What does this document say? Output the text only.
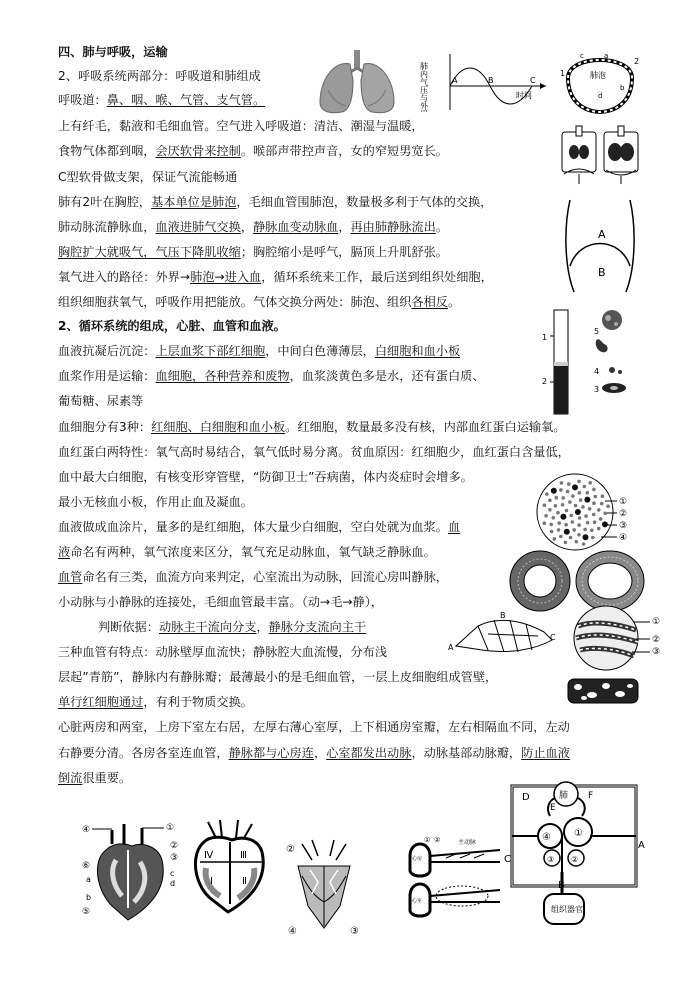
四、肺与呼吸，运输
2、呼吸系统两部分：呼吸道和肺组成
呼吸道：鼻、咽、喉、气管、支气管。
上有纤毛，黏液和毛细血管。空气进入呼吸道：清洁、潮湿与温暖，
食物气体都到咽，会厌软骨来控制。喉部声带控声音，女的窄短男宽长。
C型软骨做支架，保证气流能畅通
肺有2叶在胸腔，基本单位是肺泡，毛细血管围肺泡，数量极多利于气体的交换，
肺动脉流静脉血，血液进肺气交换，静脉血变动脉血，再由肺静脉流出。
胸腔扩大就吸气，气压下降肌收缩；胸腔缩小是呼气，膈顶上升肌舒张。
氧气进入的路径：外界→肺泡→进入血，循环系统来工作，最后送到组织处细胞，
组织细胞获氧气，呼吸作用把能放。气体交换分两处：肺泡、组织各相反。
2、循环系统的组成，心脏、血管和血液。
血液抗凝后沉淀：上层血浆下部红细胞，中间白色薄薄层，白细胞和血小板
血浆作用是运输：血细胞，各种营养和废物，血浆淡黄色多是水，还有蛋白质、
葡萄糖、尿素等
血细胞分有3种：红细胞、白细胞和血小板。红细胞，数量最多没有核，内部血红蛋白运输氧。
血红蛋白两特性：氧气高时易结合，氧气低时易分离。贫血原因：红细胞少，血红蛋白含量低，
血中最大白细胞，有核变形穿管壁，“防御卫士”吞病菌，体内炎症时会增多。
最小无核血小板，作用止血及凝血。
血液做成血涂片，量多的是红细胞，体大量少白细胞，空白处就为血浆。血
液命名有两种，氧气浓度来区分，氧气充足动脉血，氧气缺乏静脉血。
血管命名有三类，血流方向来判定，心室流出为动脉，回流心房叫静脉，
小动脉与小静脉的连接处，毛细血管最丰富。（动→毛→静），
判断依据：动脉主干流向分支，静脉分支流向主干
三种血管有特点：动脉壁厚血流快；静脉腔大血流慢，分布浅
层起”青筋”，静脉内有静脉瓣；最薄最小的是毛细血管，一层上皮细胞组成管壁，
单行红细胞通过，有利于物质交换。
心脏两房和两室，上房下室左右居，左厚右薄心室厚，上下相通房室瓣，左右相隔血不同，左动
右静要分清。各房各室连血管，静脉都与心房连，心室都发出动脉，动脉基部动脉瓣，防止血液
倒流很重要。
肺内气压与外界气压差	A	B	C
时间
肺泡
1
2
a
b
c
d
A
B
1
2
5
4
3
①
②
③
④
A
B
C
①
②
③
④	①
②
③
⑥
a
c
d
b
⑤
Ⅳ	Ⅲ
Ⅰ	Ⅱ
②
④	③
心房
① ②	主动脉
心室
肺
组织器官
D
E
F
A
B
C
④ ①
③ ②
